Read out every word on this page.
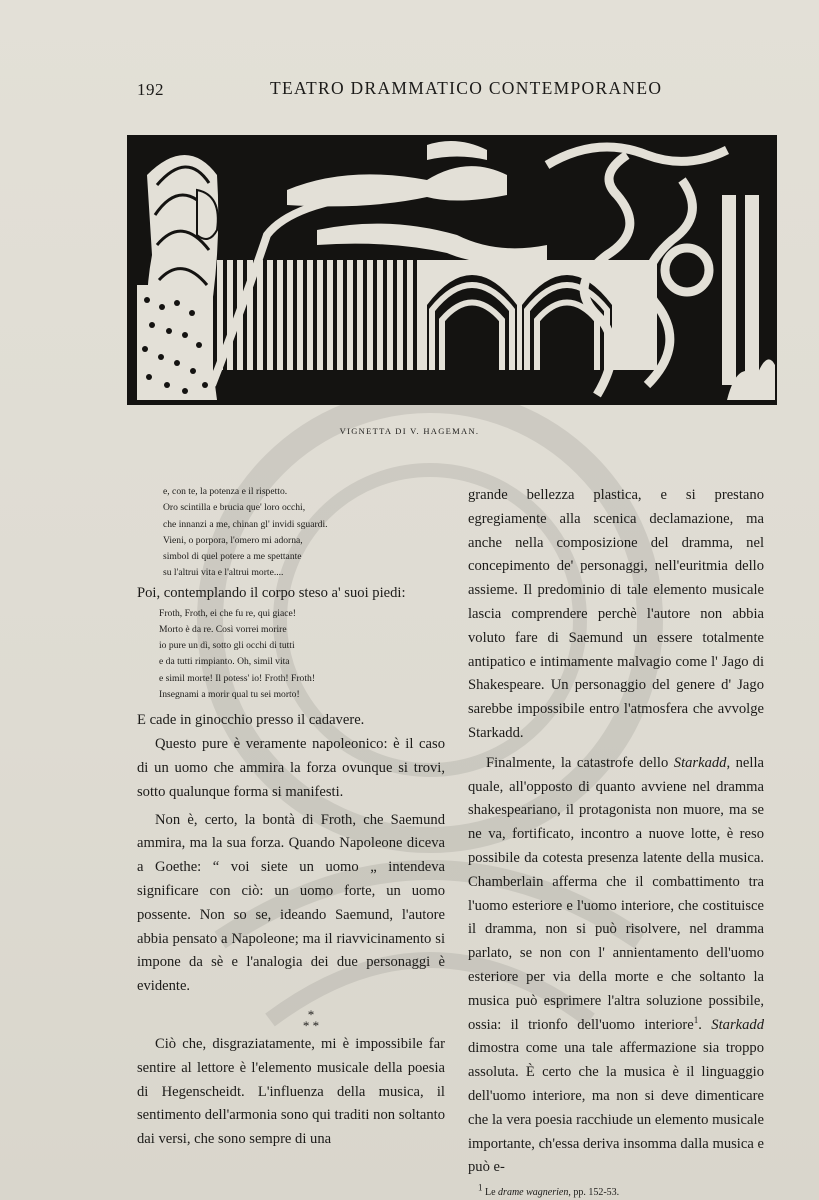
192	TEATRO DRAMMATICO CONTEMPORANEO
VIGNETTA DI V. HAGEMAN.
e, con te, la potenza e il rispetto.
Oro scintilla e brucia que' loro occhi,
che innanzi a me, chinan gl' invidi sguardi.
Vieni, o porpora, l'omero mi adorna,
simbol di quel potere a me spettante
su l'altrui vita e l'altrui morte....

Poi, contemplando il corpo steso a' suoi piedi:

Froth, Froth, ei che fu re, qui giace!
Morto è da re. Così vorrei morire
io pure un dì, sotto gli occhi di tutti
e da tutti rimpianto. Oh, simil vita
e simil morte! Il potess' io! Froth! Froth!
Insegnami a morir qual tu sei morto!

E cade in ginocchio presso il cadavere.

Questo pure è veramente napoleonico: è il caso di un uomo che ammira la forza ovunque si trovi, sotto qualunque forma si manifesti.

Non è, certo, la bontà di Froth, che Saemund ammira, ma la sua forza. Quando Napoleone diceva a Goethe: “ voi siete un uomo „ intendeva significare con ciò: un uomo forte, un uomo possente. Non so se, ideando Saemund, l'autore abbia pensato a Napoleone; ma il riavvicinamento si impone da sè e l'analogia dei due personaggi è evidente.

*
* *

Ciò che, disgraziatamente, mi è impossibile far sentire al lettore è l'elemento musicale della poesia di Hegenscheidt. L'influenza della musica, il sentimento dell'armonia sono qui traditi non soltanto dai versi, che sono sempre di una

grande bellezza plastica, e si prestano egregiamente alla scenica declamazione, ma anche nella composizione del dramma, nel concepimento de' personaggi, nell'euritmia dello assieme. Il predominio di tale elemento musicale lascia comprendere perchè l'autore non abbia voluto fare di Saemund un essere totalmente antipatico e intimamente malvagio come l' Jago di Shakespeare. Un personaggio del genere d' Jago sarebbe impossibile entro l'atmosfera che avvolge Starkadd.

Finalmente, la catastrofe dello Starkadd, nella quale, all'opposto di quanto avviene nel dramma shakespeariano, il protagonista non muore, ma se ne va, fortificato, incontro a nuove lotte, è reso possibile da cotesta presenza latente della musica. Chamberlain afferma che il combattimento tra l'uomo esteriore e l'uomo interiore, che costituisce il dramma, non si può risolvere, nel dramma parlato, se non con l' annientamento dell'uomo esteriore per via della morte e che soltanto la musica può esprimere l'altra soluzione possibile, ossia: il trionfo dell'uomo interiore$^1$. Starkadd dimostra come una tale affermazione sia troppo assoluta. È certo che la musica è il linguaggio dell'uomo interiore, ma non si deve dimenticare che la vera poesia racchiude un elemento musicale importante, ch'essa deriva insomma dalla musica e può e-

1 Le drame wagnerien, pp. 152-53.
